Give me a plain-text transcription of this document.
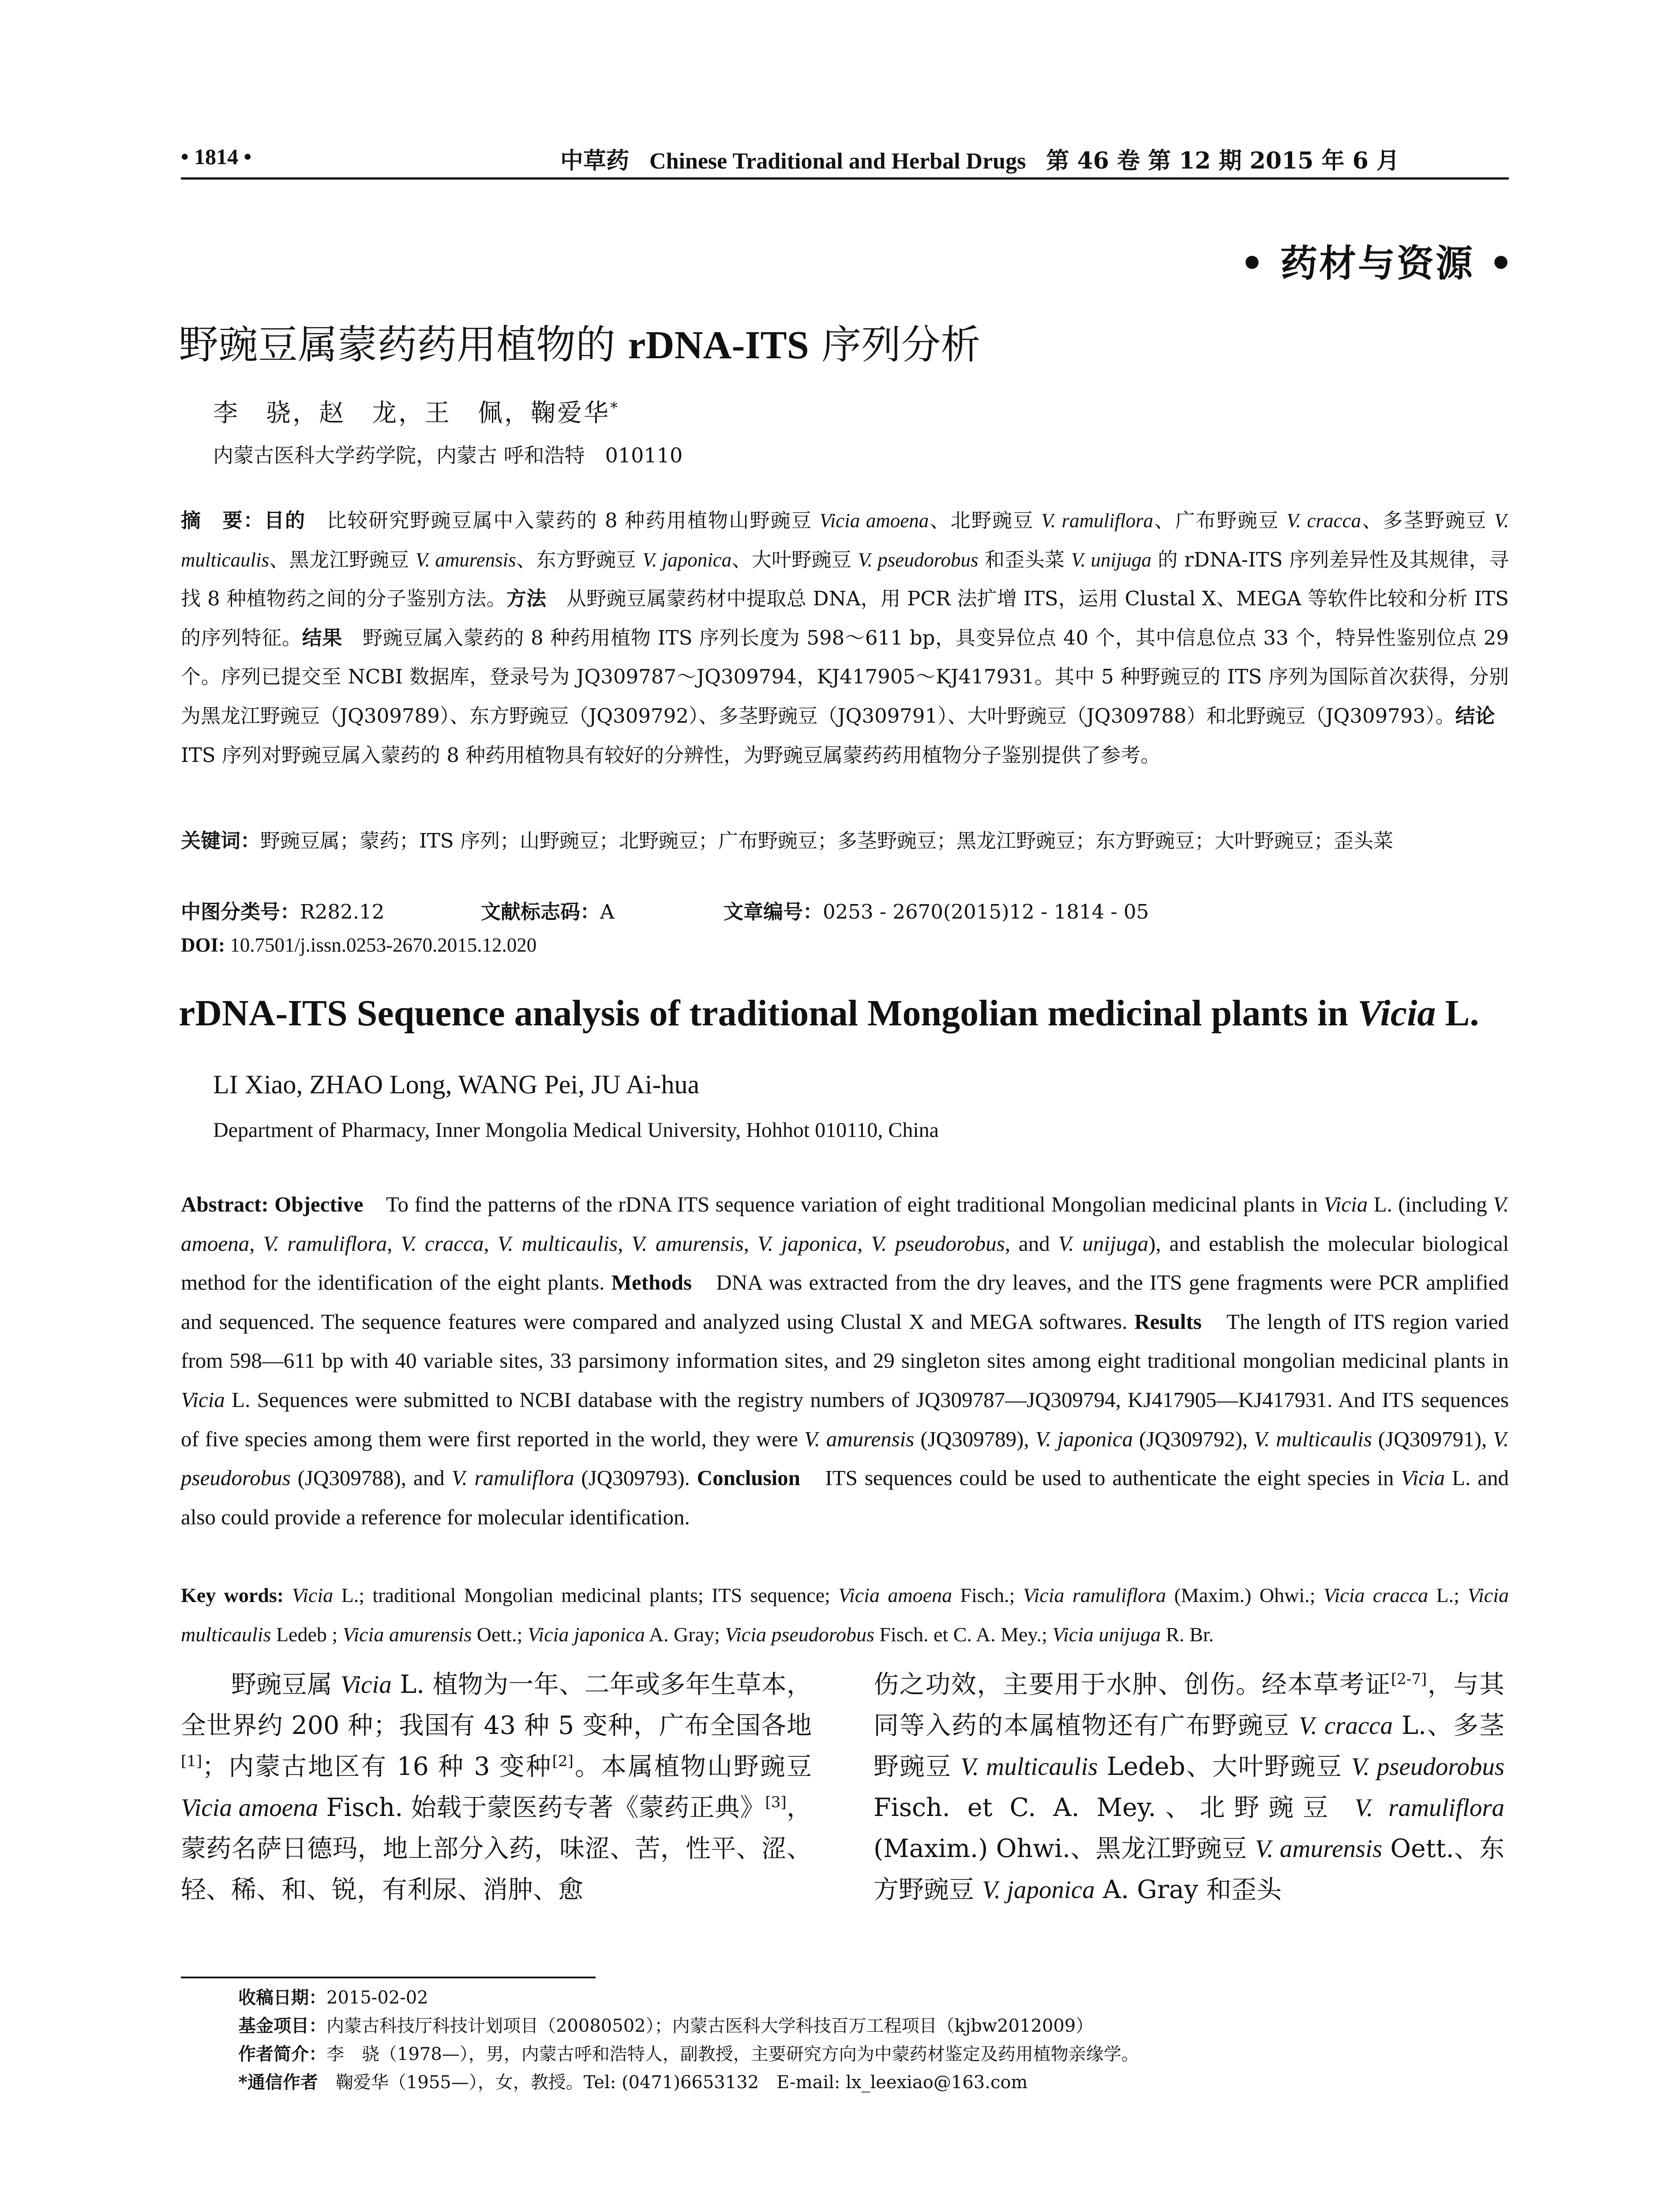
• 1814 •	中草药 Chinese Traditional and Herbal Drugs 第 46 卷 第 12 期 2015 年 6 月
• 药材与资源 •
野豌豆属蒙药药用植物的 rDNA-ITS 序列分析
李　骁，赵　龙，王　佩，鞠爱华*
内蒙古医科大学药学院，内蒙古 呼和浩特　010110
摘　要：目的　比较研究野豌豆属中入蒙药的 8 种药用植物山野豌豆 Vicia amoena、北野豌豆 V. ramuliflora、广布野豌豆 V. cracca、多茎野豌豆 V. multicaulis、黑龙江野豌豆 V. amurensis、东方野豌豆 V. japonica、大叶野豌豆 V. pseudorobus 和歪头菜 V. unijuga 的 rDNA-ITS 序列差异性及其规律，寻找 8 种植物药之间的分子鉴别方法。方法　从野豌豆属蒙药材中提取总 DNA，用 PCR 法扩增 ITS，运用 Clustal X、MEGA 等软件比较和分析 ITS 的序列特征。结果　野豌豆属入蒙药的 8 种药用植物 ITS 序列长度为 598～611 bp，具变异位点 40 个，其中信息位点 33 个，特异性鉴别位点 29 个。序列已提交至 NCBI 数据库，登录号为 JQ309787～JQ309794，KJ417905～KJ417931。其中 5 种野豌豆的 ITS 序列为国际首次获得，分别为黑龙江野豌豆（JQ309789）、东方野豌豆（JQ309792）、多茎野豌豆（JQ309791）、大叶野豌豆（JQ309788）和北野豌豆（JQ309793）。结论　ITS 序列对野豌豆属入蒙药的 8 种药用植物具有较好的分辨性，为野豌豆属蒙药药用植物分子鉴别提供了参考。
关键词：野豌豆属；蒙药；ITS 序列；山野豌豆；北野豌豆；广布野豌豆；多茎野豌豆；黑龙江野豌豆；东方野豌豆；大叶野豌豆；歪头菜
中图分类号：R282.12	文献标志码：A	文章编号：0253 - 2670(2015)12 - 1814 - 05
DOI: 10.7501/j.issn.0253-2670.2015.12.020
rDNA-ITS Sequence analysis of traditional Mongolian medicinal plants in Vicia L.
LI Xiao, ZHAO Long, WANG Pei, JU Ai-hua
Department of Pharmacy, Inner Mongolia Medical University, Hohhot 010110, China
Abstract: Objective　To find the patterns of the rDNA ITS sequence variation of eight traditional Mongolian medicinal plants in Vicia L. (including V. amoena, V. ramuliflora, V. cracca, V. multicaulis, V. amurensis, V. japonica, V. pseudorobus, and V. unijuga), and establish the molecular biological method for the identification of the eight plants. Methods　DNA was extracted from the dry leaves, and the ITS gene fragments were PCR amplified and sequenced. The sequence features were compared and analyzed using Clustal X and MEGA softwares. Results　The length of ITS region varied from 598—611 bp with 40 variable sites, 33 parsimony information sites, and 29 singleton sites among eight traditional mongolian medicinal plants in Vicia L. Sequences were submitted to NCBI database with the registry numbers of JQ309787—JQ309794, KJ417905—KJ417931. And ITS sequences of five species among them were first reported in the world, they were V. amurensis (JQ309789), V. japonica (JQ309792), V. multicaulis (JQ309791), V. pseudorobus (JQ309788), and V. ramuliflora (JQ309793). Conclusion　ITS sequences could be used to authenticate the eight species in Vicia L. and also could provide a reference for molecular identification.
Key words: Vicia L.; traditional Mongolian medicinal plants; ITS sequence; Vicia amoena Fisch.; Vicia ramuliflora (Maxim.) Ohwi.; Vicia cracca L.; Vicia multicaulis Ledeb ; Vicia amurensis Oett.; Vicia japonica A. Gray; Vicia pseudorobus Fisch. et C. A. Mey.; Vicia unijuga R. Br.
野豌豆属 Vicia L. 植物为一年、二年或多年生草本，全世界约 200 种；我国有 43 种 5 变种，广布全国各地[1]；内蒙古地区有 16 种 3 变种[2]。本属植物山野豌豆 Vicia amoena Fisch. 始载于蒙医药专著《蒙药正典》[3]，蒙药名萨日德玛，地上部分入药，味涩、苦，性平、涩、轻、稀、和、锐，有利尿、消肿、愈
伤之功效，主要用于水肿、创伤。经本草考证[2-7]，与其同等入药的本属植物还有广布野豌豆 V. cracca L.、多茎野豌豆 V. multicaulis Ledeb、大叶野豌豆 V. pseudorobus Fisch. et C. A. Mey.、北野豌豆 V. ramuliflora (Maxim.) Ohwi.、黑龙江野豌豆 V. amurensis Oett.、东方野豌豆 V. japonica A. Gray 和歪头
收稿日期：2015-02-02
基金项目：内蒙古科技厅科技计划项目（20080502）；内蒙古医科大学科技百万工程项目（kjbw2012009）
作者简介：李　骁（1978—），男，内蒙古呼和浩特人，副教授，主要研究方向为中蒙药材鉴定及药用植物亲缘学。
*通信作者　鞠爱华（1955—），女，教授。Tel: (0471)6653132　E-mail: lx_leexiao@163.com
